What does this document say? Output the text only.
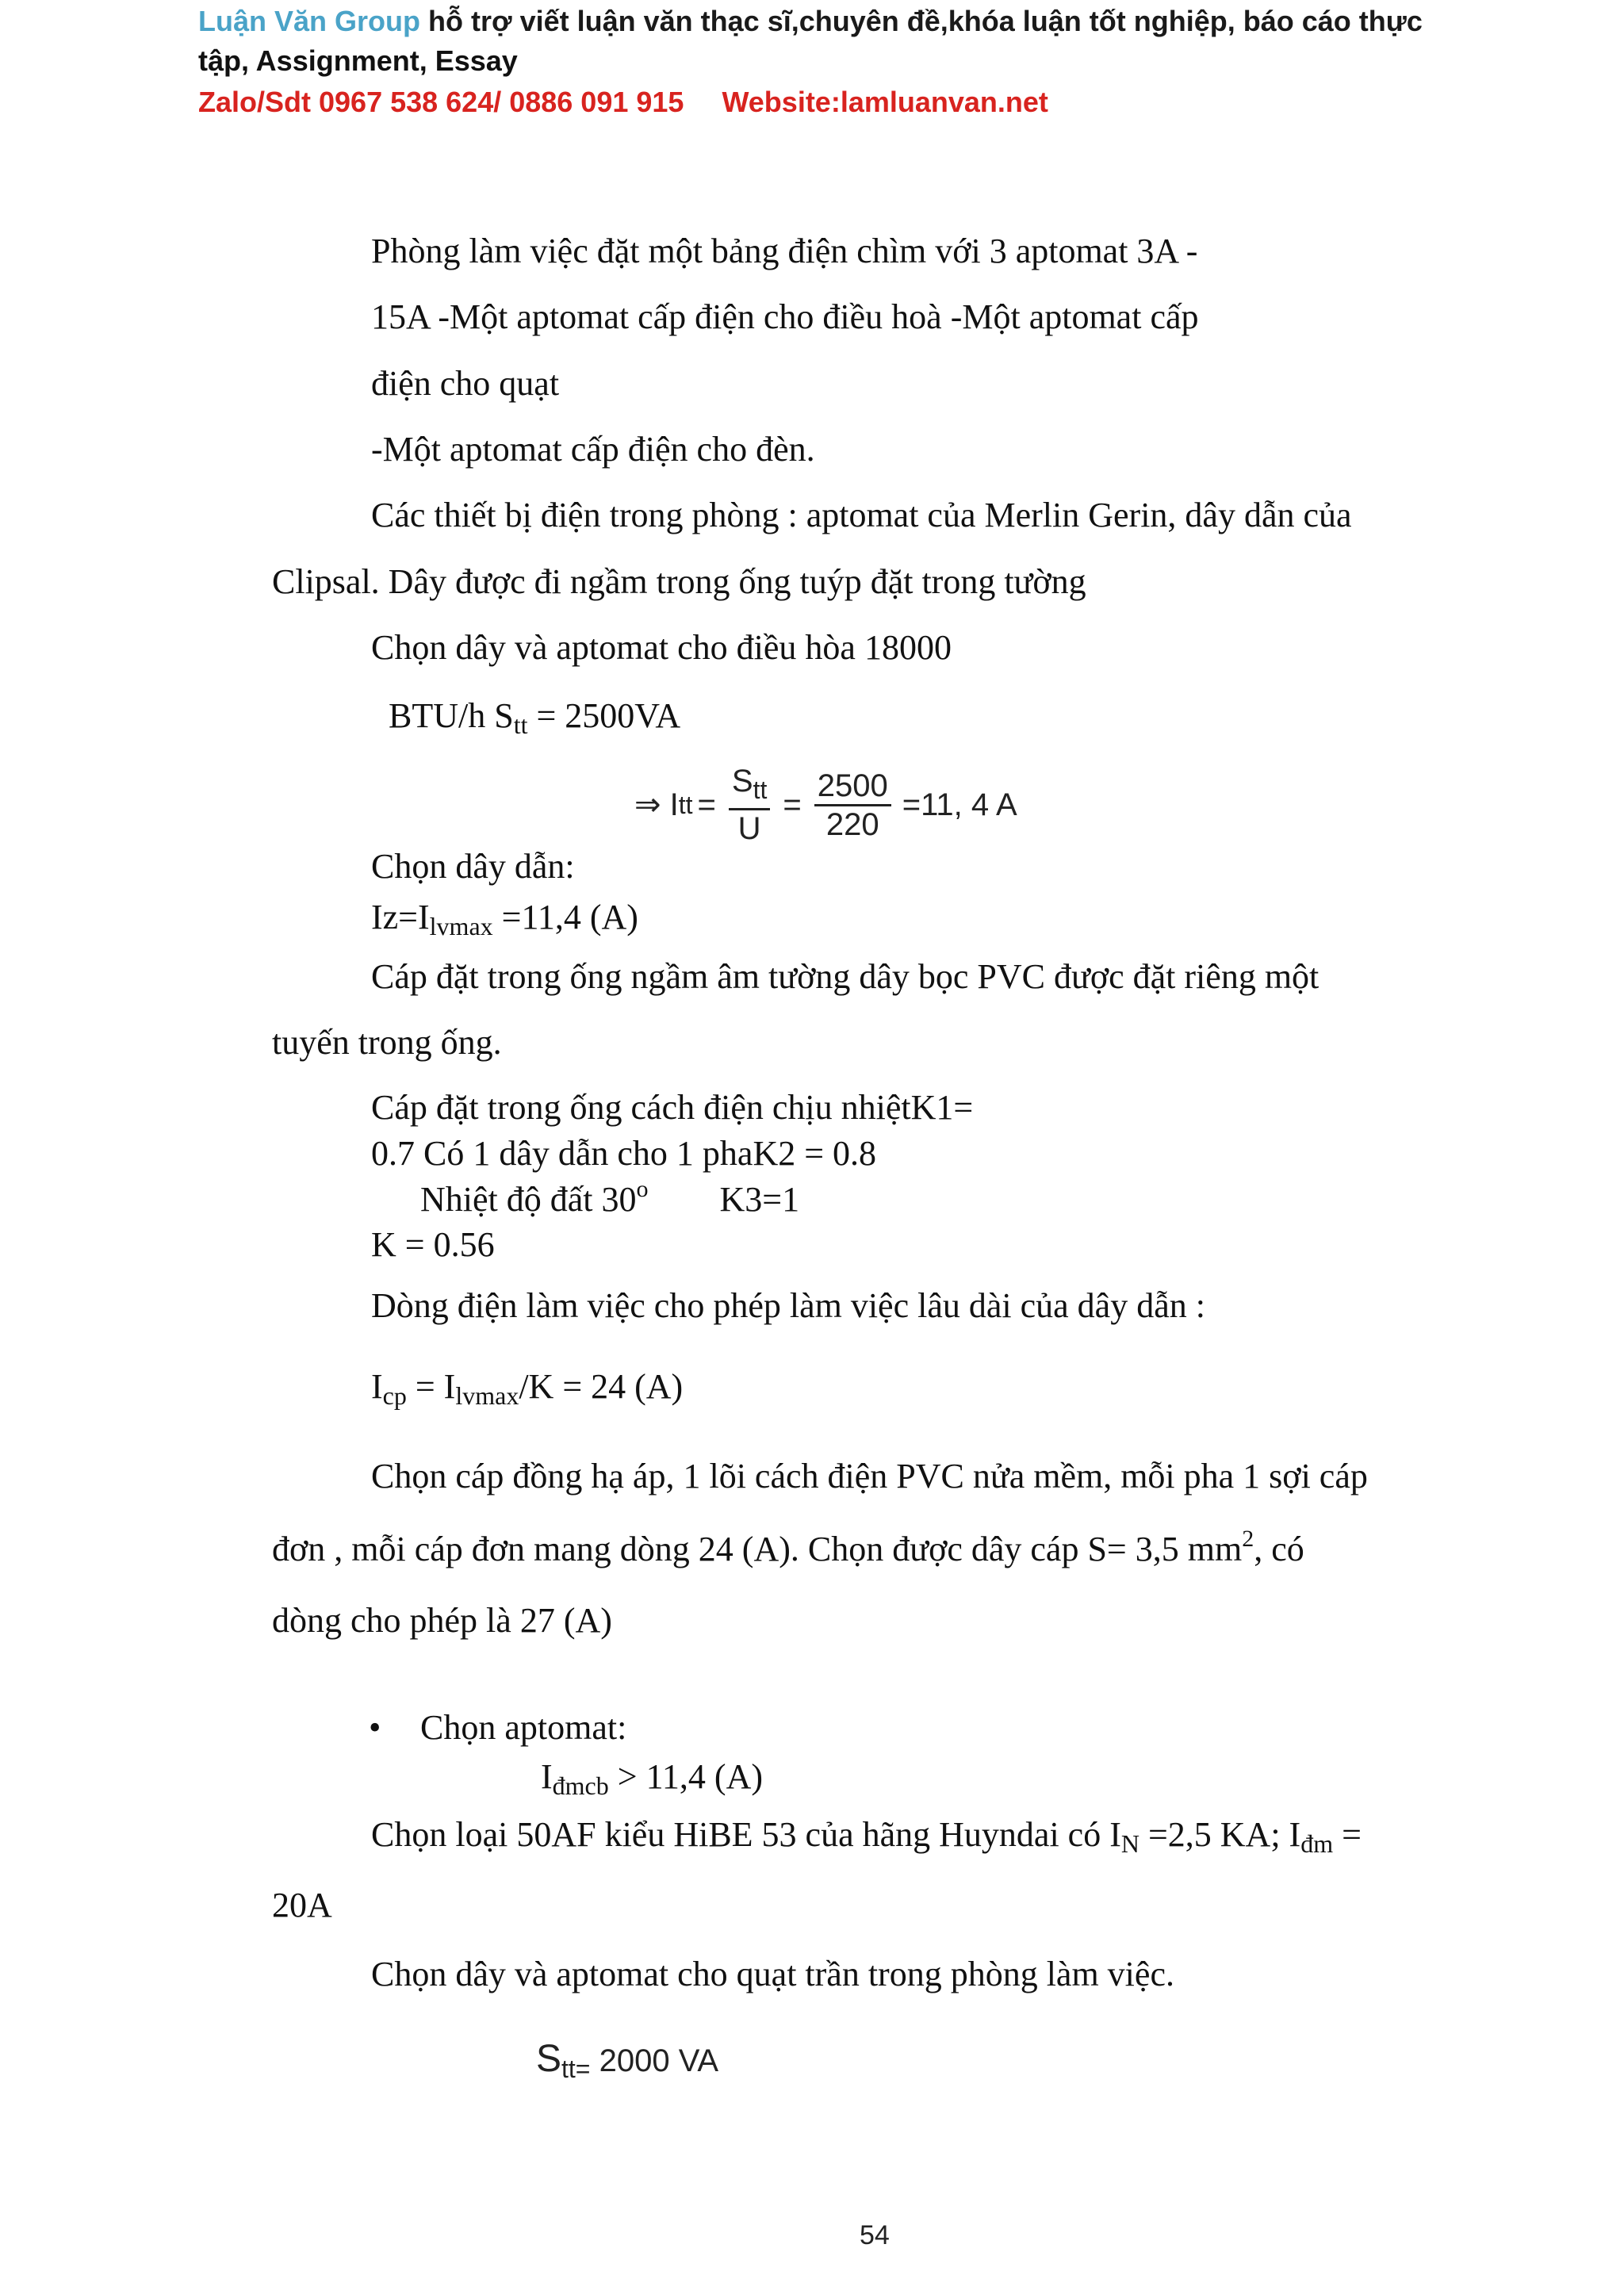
Luận Văn Group hỗ trợ viết luận văn thạc sĩ,chuyên đề,khóa luận tốt nghiệp, báo cáo thực
tập, Assignment, Essay
Zalo/Sdt 0967 538 624/ 0886 091 915 Website:lamluanvan.net
Phòng làm việc đặt một bảng điện chìm với 3 aptomat 3A -
15A -Một aptomat cấp điện cho điều hoà -Một aptomat cấp
điện cho quạt
-Một aptomat cấp điện cho đèn.
Các thiết bị điện trong phòng : aptomat của Merlin Gerin, dây dẫn của
Clipsal. Dây được đi ngầm trong ống tuýp đặt trong tường
Chọn dây và aptomat cho điều hòa 18000
BTU/h $S_{tt} = 2500VA$
⇒ I tt = $\frac{S_{tt}}{U} = \frac{2500}{220} =11$, 4 A
Chọn dây dẫn:
$Iz=I_{lvmax} =11,4$ (A)
Cáp đặt trong ống ngầm âm tường dây bọc PVC được đặt riêng một
tuyến trong ống.
Cáp đặt trong ống cách điện chịu nhiệtK1=
0.7 Có 1 dây dẫn cho 1 phaK2 = 0.8
Nhiệt độ đất 30$^o$ K3=1
K = 0.56
Dòng điện làm việc cho phép làm việc lâu dài của dây dẫn :
$I_{cp} = I_{lvmax}/K = 24$ (A)
Chọn cáp đồng hạ áp, 1 lõi cách điện PVC nửa mềm, mỗi pha 1 sợi cáp
đơn , mỗi cáp đơn mang dòng 24 (A). Chọn được dây cáp S= 3,5 $mm^2$, có
dòng cho phép là 27 (A)
• Chọn aptomat:
$I_{đmcb} > 11,4$ (A)
Chọn loại 50AF kiểu HiBE 53 của hãng Huyndai có $I_N =2,5$ KA; $I_{đm}$ =
20A
Chọn dây và aptomat cho quạt trần trong phòng làm việc.
$S_{tt=}$ 2000 VA
54
